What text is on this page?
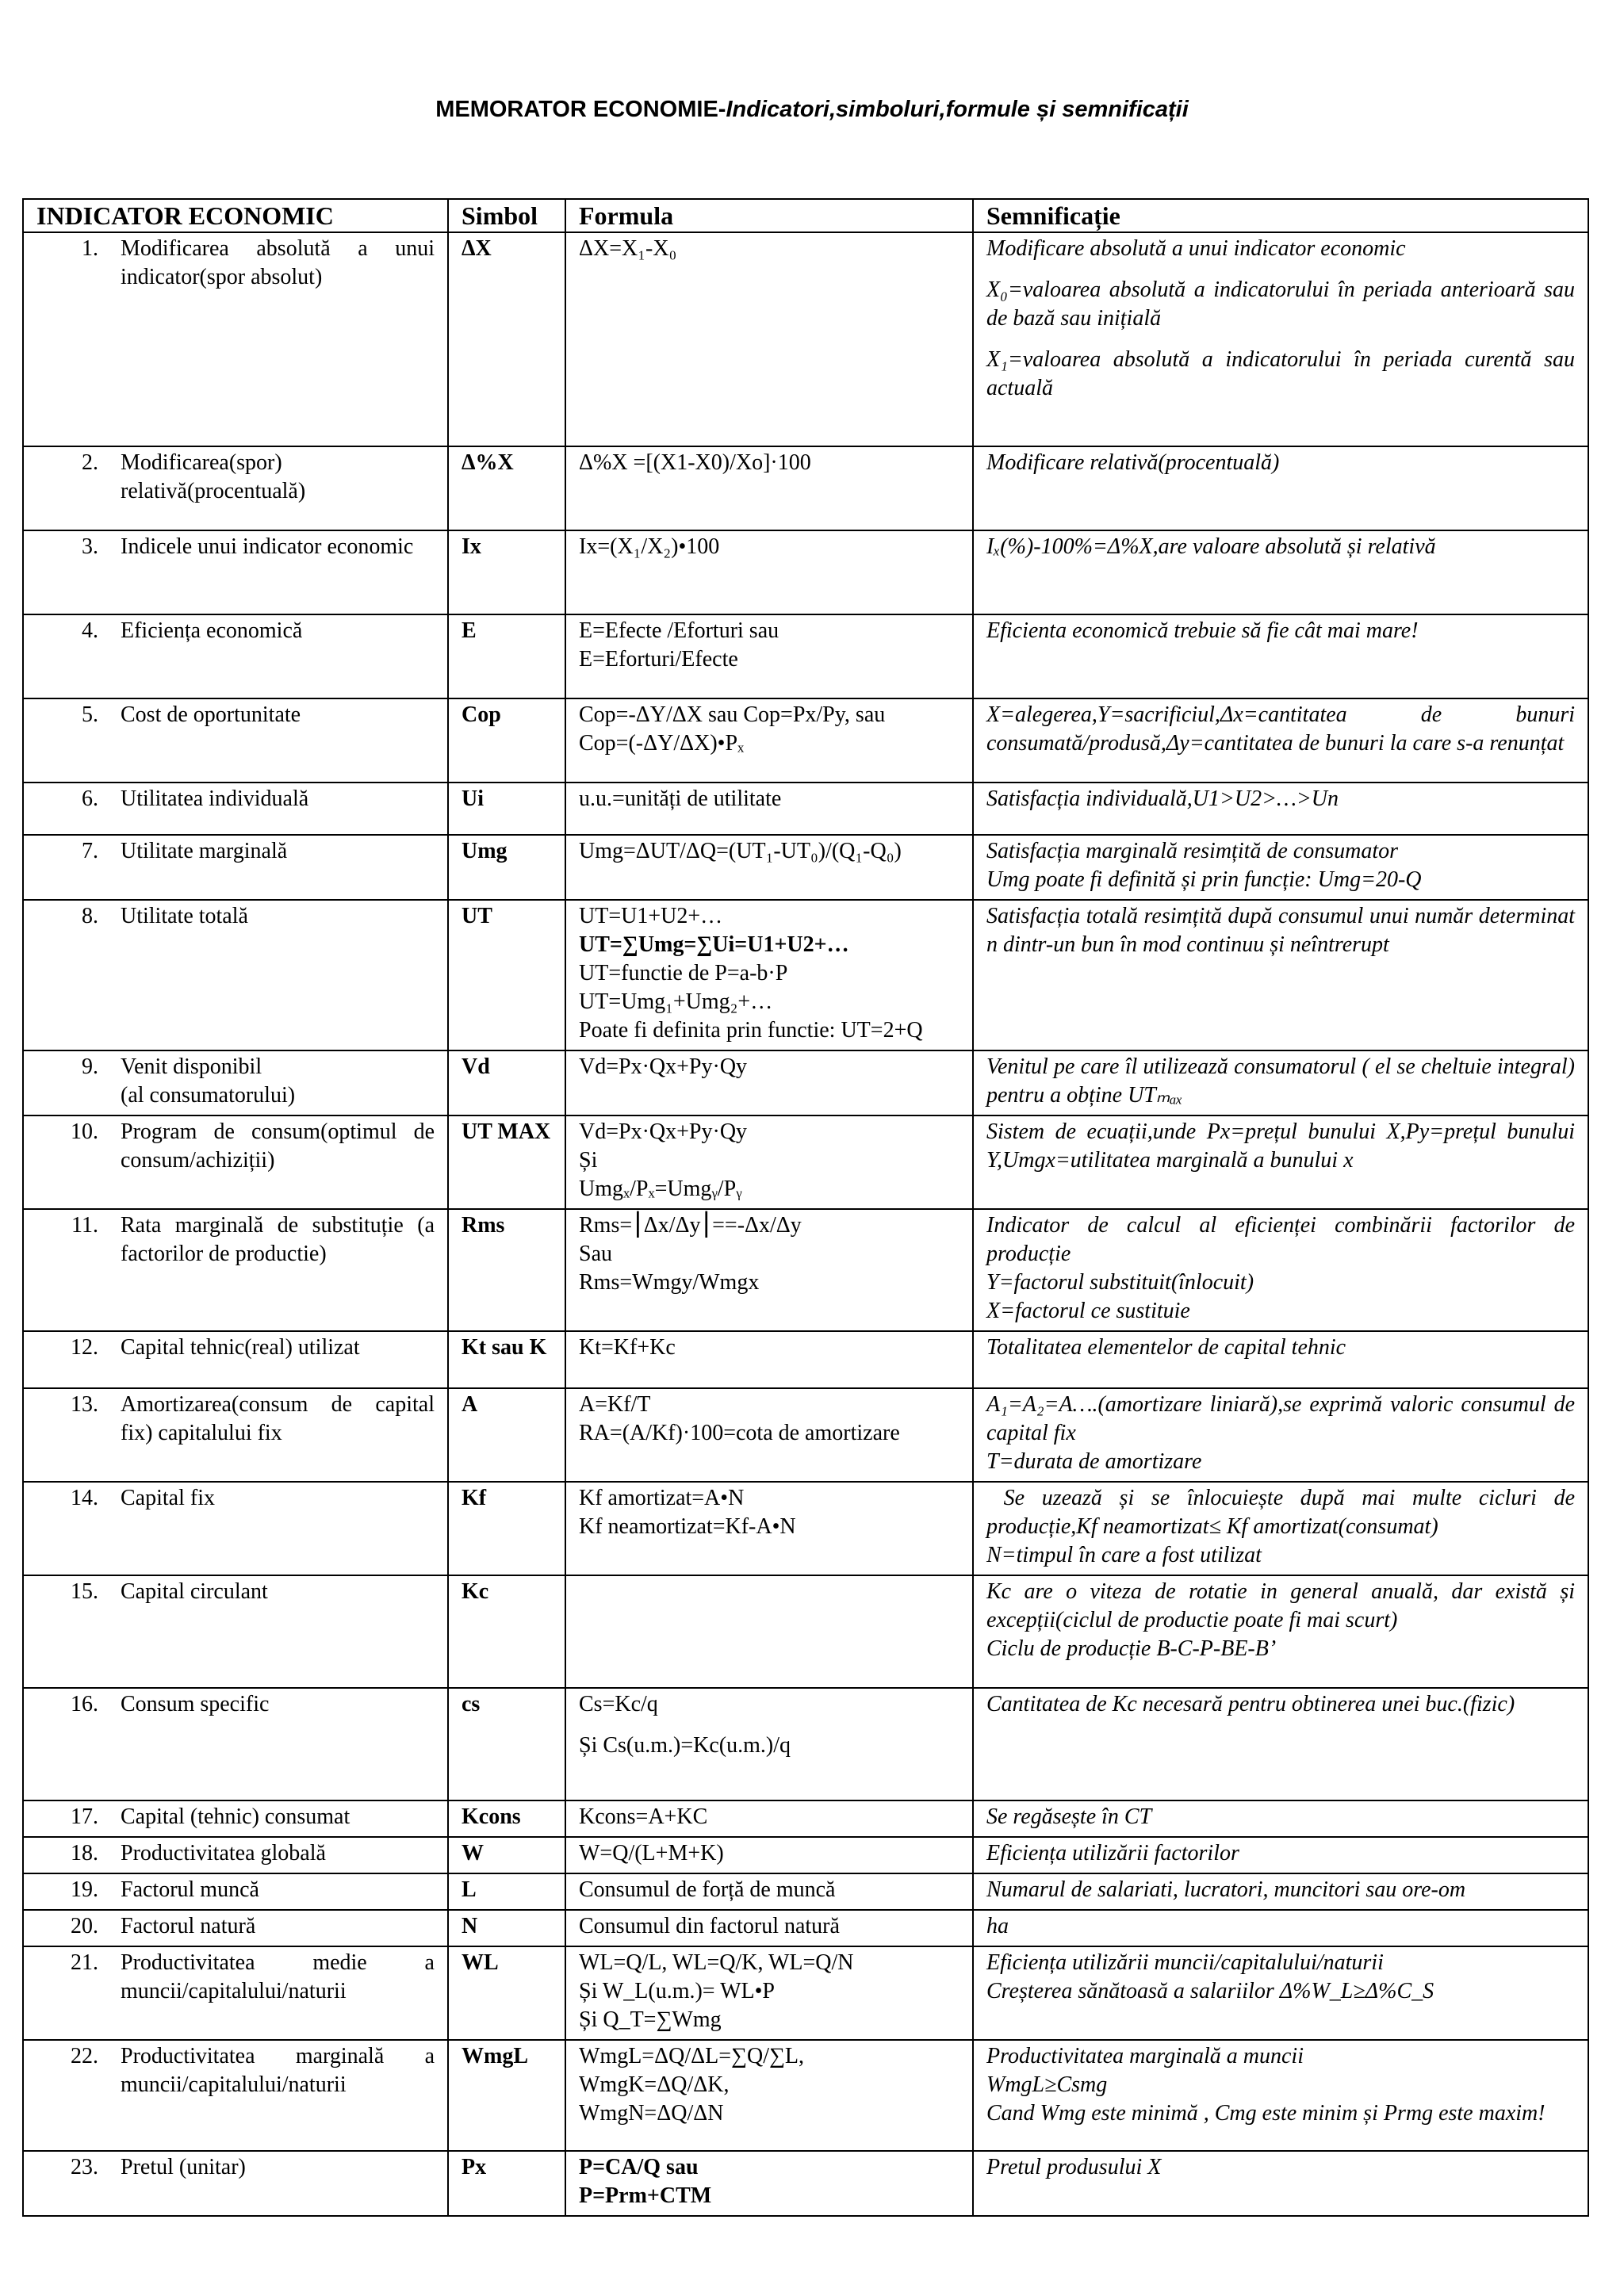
MEMORATOR ECONOMIE-Indicatori,simboluri,formule și semnificații
INDICATOR ECONOMIC	Simbol	Formula	Semnificație

1. Modificarea absolută a unui indicator(spor absolut)	ΔX	ΔX=X₁-X₀	Modificare absolută a unui indicator economic
X₀=valoarea absolută a indicatorului în periada anterioară sau de bază sau inițială
X₁=valoarea absolută a indicatorului în periada curentă sau actuală

2. Modificarea(spor) relativă(procentuală)	Δ%X	Δ%X =[(X1-X0)/Xo]·100	Modificare relativă(procentuală)

3. Indicele unui indicator economic	Ix	Ix=(X₁/X₂)•100	Iₓ(%)-100%=Δ%X,are valoare absolută și relativă

4. Eficiența economică	E	E=Efecte /Eforturi sau
E=Eforturi/Efecte	Eficienta economică trebuie să fie cât mai mare!

5. Cost de oportunitate	Cop	Cop=-ΔY/ΔX sau Cop=Px/Py, sau
Cop=(-ΔY/ΔX)•Pₓ	X=alegerea,Y=sacrificiul,Δx=cantitatea de bunuri consumată/produsă,Δy=cantitatea de bunuri la care s-a renunțat

6. Utilitatea individuală	Ui	u.u.=unități de utilitate	Satisfacția individuală,U1>U2>…>Un

7. Utilitate marginală	Umg	Umg=ΔUT/ΔQ=(UT₁-UT₀)/(Q₁-Q₀)	Satisfacția marginală resimțită de consumator
Umg poate fi definită și prin funcție: Umg=20-Q

8. Utilitate totală	UT	UT=U1+U2+…
UT=∑Umg=∑Ui=U1+U2+…
UT=functie de P=a-b·P
UT=Umg₁+Umg₂+…
Poate fi definita prin functie: UT=2+Q	Satisfacția totală resimțită după consumul unui număr determinat n dintr-un bun în mod continuu și neîntrerupt

9. Venit disponibil
(al consumatorului)	Vd	Vd=Px·Qx+Py·Qy	Venitul pe care îl utilizează consumatorul ( el se cheltuie integral) pentru a obține UTₘₐₓ

10. Program de consum(optimul de consum/achiziții)	UT MAX	Vd=Px·Qx+Py·Qy
Și
Umgₓ/Pₓ=Umgᵧ/Pᵧ	Sistem de ecuații,unde Px=prețul bunului X,Py=prețul bunului Y,Umgx=utilitatea marginală a bunului x

11. Rata marginală de substituție (a factorilor de productie)	Rms	Rms=⎮Δx/Δy⎮==-Δx/Δy
Sau
Rms=Wmgy/Wmgx	Indicator de calcul al eficienței combinării factorilor de producție
Y=factorul substituit(înlocuit)
X=factorul ce sustituie

12. Capital tehnic(real) utilizat	Kt sau K	Kt=Kf+Kc	Totalitatea elementelor de capital tehnic

13. Amortizarea(consum de capital fix) capitalului fix	A	A=Kf/T
RA=(A/Kf)·100=cota de amortizare	A₁=A₂=A….(amortizare liniară),se exprimă valoric consumul de capital fix
T=durata de amortizare

14. Capital fix	Kf	Kf amortizat=A•N
Kf neamortizat=Kf-A•N	Se uzează și se înlocuiește după mai multe cicluri de producție,Kf neamortizat≤ Kf amortizat(consumat)
N=timpul în care a fost utilizat

15. Capital circulant	Kc		Kc are o viteza de rotatie in general anuală, dar există și excepții(ciclul de productie poate fi mai scurt)
Ciclu de producție B-C-P-BE-B’

16. Consum specific	cs	Cs=Kc/q
Și Cs(u.m.)=Kc(u.m.)/q	Cantitatea de Kc necesară pentru obtinerea unei buc.(fizic)

17. Capital (tehnic) consumat	Kcons	Kcons=A+KC	Se regăsește în CT

18. Productivitatea globală	W	W=Q/(L+M+K)	Eficiența utilizării factorilor

19. Factorul muncă	L	Consumul de forță de muncă	Numarul de salariati, lucratori, muncitori sau ore-om

20. Factorul natură	N	Consumul din factorul natură	ha

21. Productivitatea medie a muncii/capitalului/naturii	WL	WL=Q/L, WL=Q/K, WL=Q/N
Și W_L(u.m.)= WL•P
Și Q_T=∑Wmg	Eficiența utilizării muncii/capitalului/naturii
Creșterea sănătoasă a salariilor Δ%W_L≥Δ%C_S

22. Productivitatea marginală a muncii/capitalului/naturii	WmgL	WmgL=ΔQ/ΔL=∑Q/∑L,
WmgK=ΔQ/ΔK,
WmgN=ΔQ/ΔN	Productivitatea marginală a muncii
WmgL≥Csmg
Cand Wmg este minimă , Cmg este minim și Prmg este maxim!

23. Pretul (unitar)	Px	P=CA/Q sau
P=Prm+CTM	Pretul produsului X
